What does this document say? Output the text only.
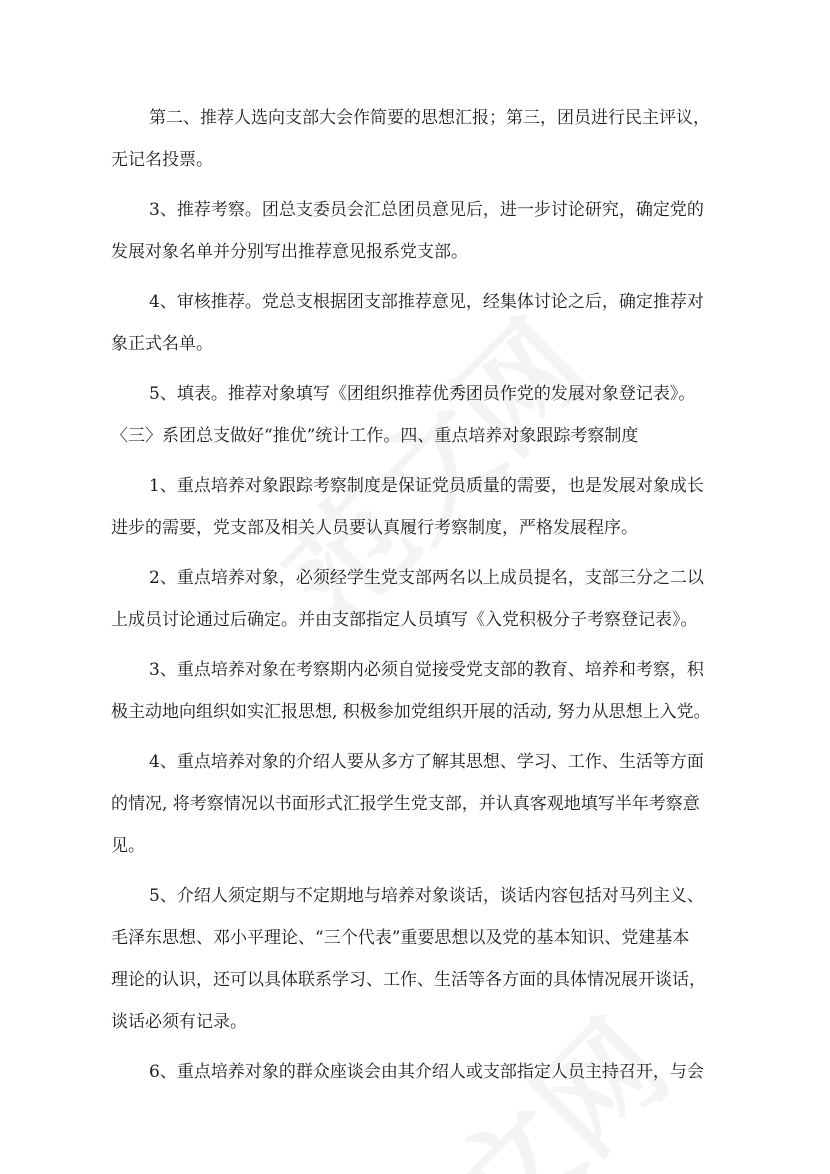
第二、推荐人选向支部大会作简要的思想汇报；第三，团员进行民主评议，
无记名投票。

3、推荐考察。团总支委员会汇总团员意见后，进一步讨论研究，确定党的
发展对象名单并分别写出推荐意见报系党支部。

4、审核推荐。党总支根据团支部推荐意见，经集体讨论之后，确定推荐对
象正式名单。

5、填表。推荐对象填写《团组织推荐优秀团员作党的发展对象登记表》。

〈三〉系团总支做好“推优”统计工作。四、重点培养对象跟踪考察制度

1、重点培养对象跟踪考察制度是保证党员质量的需要，也是发展对象成长
进步的需要，党支部及相关人员要认真履行考察制度，严格发展程序。

2、重点培养对象，必须经学生党支部两名以上成员提名，支部三分之二以
上成员讨论通过后确定。并由支部指定人员填写《入党积极分子考察登记表》。

3、重点培养对象在考察期内必须自觉接受党支部的教育、培养和考察，积
极主动地向组织如实汇报思想, 积极参加党组织开展的活动, 努力从思想上入党。

4、重点培养对象的介绍人要从多方了解其思想、学习、工作、生活等方面
的情况, 将考察情况以书面形式汇报学生党支部，并认真客观地填写半年考察意
见。

5、介绍人须定期与不定期地与培养对象谈话，谈话内容包括对马列主义、
毛泽东思想、邓小平理论、“三个代表”重要思想以及党的基本知识、党建基本
理论的认识，还可以具体联系学习、工作、生活等各方面的具体情况展开谈话，
谈话必须有记录。

6、重点培养对象的群众座谈会由其介绍人或支部指定人员主持召开，与会
